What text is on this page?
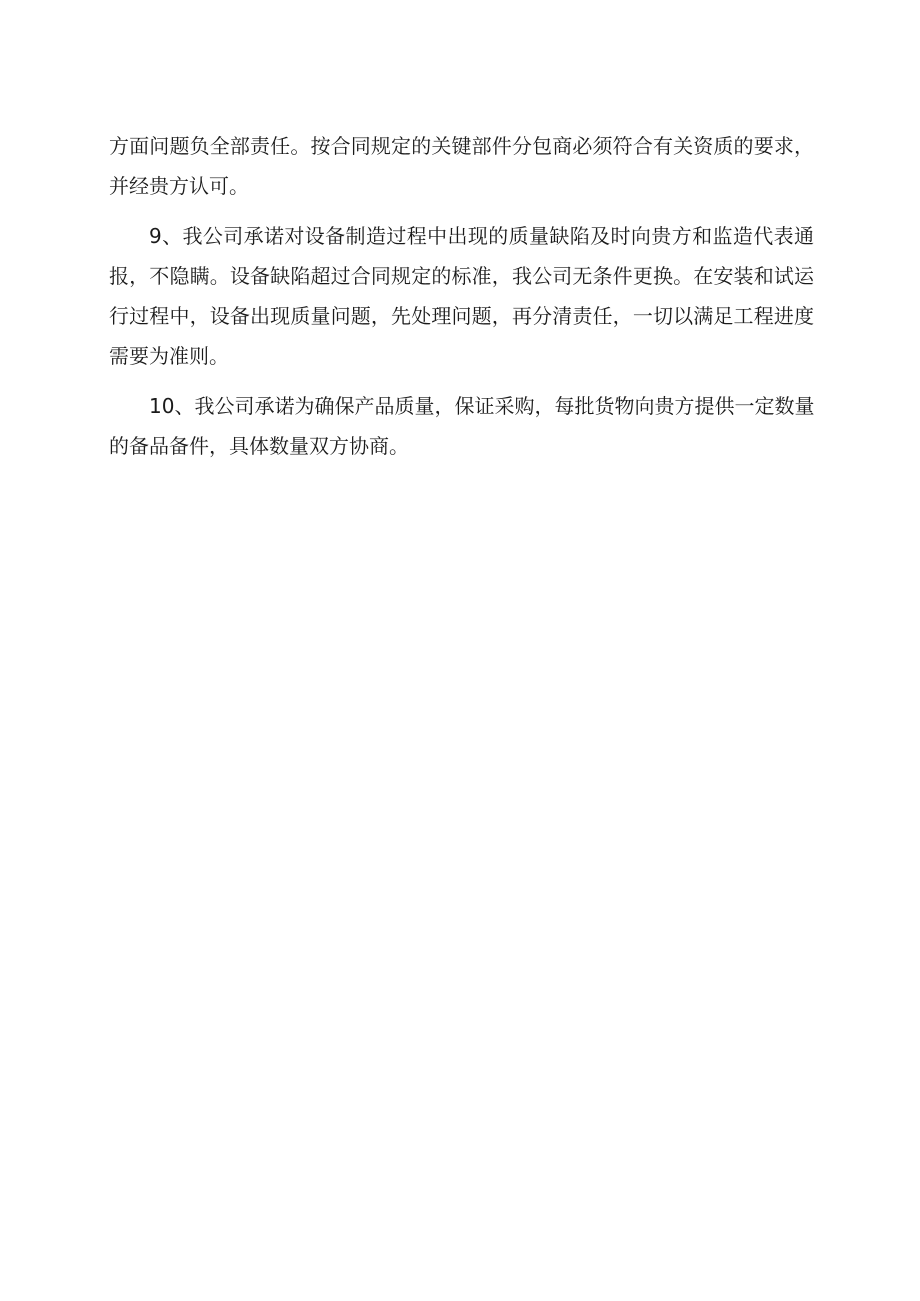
方面问题负全部责任。按合同规定的关键部件分包商必须符合有关资质的要求，
并经贵方认可。
9、我公司承诺对设备制造过程中出现的质量缺陷及时向贵方和监造代表通
报，不隐瞒。设备缺陷超过合同规定的标准，我公司无条件更换。在安装和试运
行过程中，设备出现质量问题，先处理问题，再分清责任，一切以满足工程进度
需要为准则。
10、我公司承诺为确保产品质量，保证采购，每批货物向贵方提供一定数量
的备品备件，具体数量双方协商。
